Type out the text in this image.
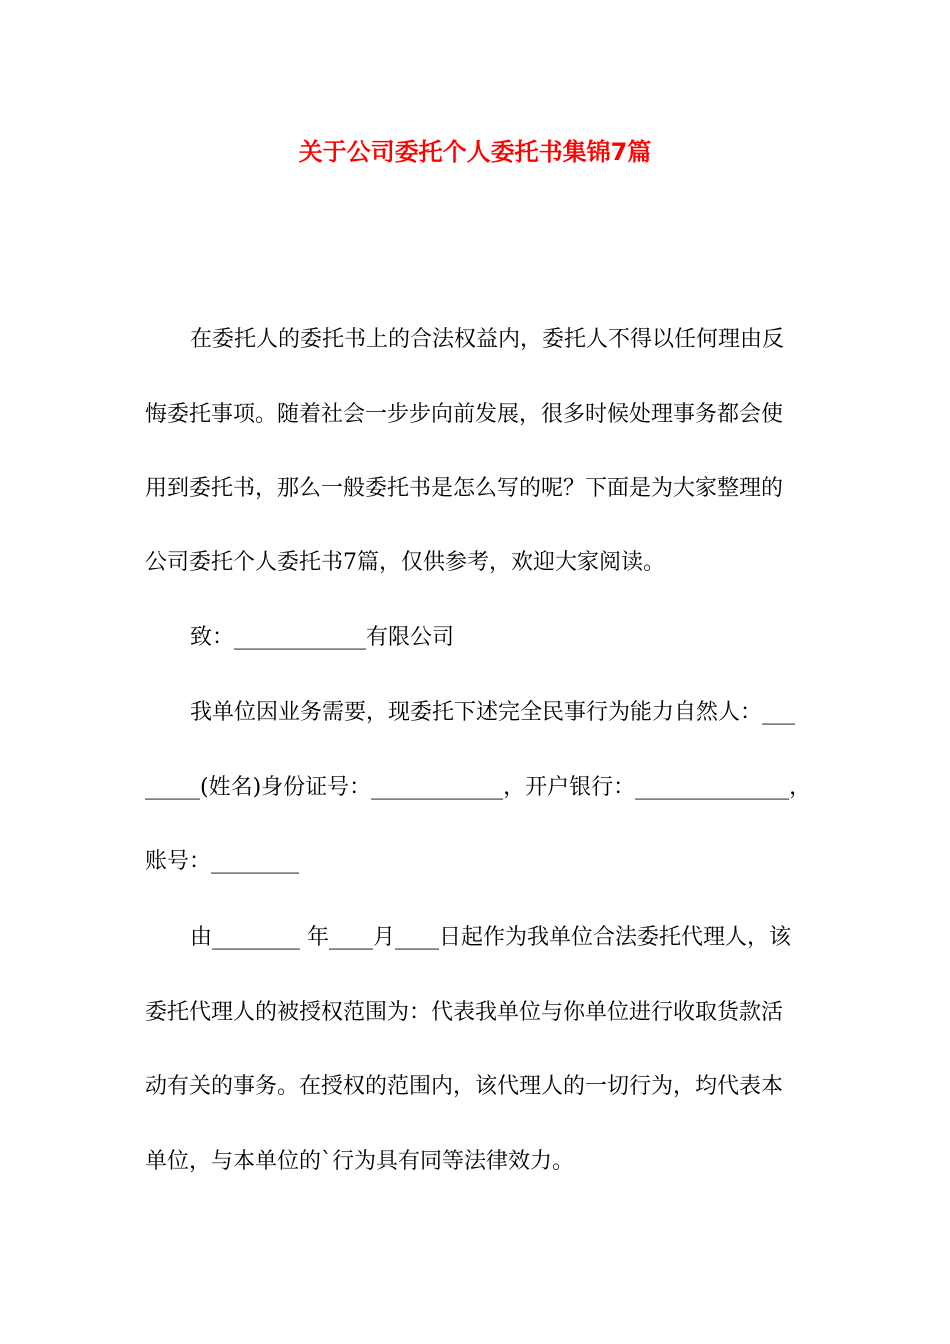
关于公司委托个人委托书集锦7篇

在委托人的委托书上的合法权益内，委托人不得以任何理由反

悔委托事项。随着社会一步步向前发展，很多时候处理事务都会使

用到委托书，那么一般委托书是怎么写的呢？下面是为大家整理的

公司委托个人委托书7篇，仅供参考，欢迎大家阅读。

致：____________有限公司

我单位因业务需要，现委托下述完全民事行为能力自然人：___

_____(姓名)身份证号：____________，开户银行：______________，

账号：________

由________ 年____月____日起作为我单位合法委托代理人，该

委托代理人的被授权范围为：代表我单位与你单位进行收取货款活

动有关的事务。在授权的范围内，该代理人的一切行为，均代表本

单位，与本单位的`行为具有同等法律效力。
